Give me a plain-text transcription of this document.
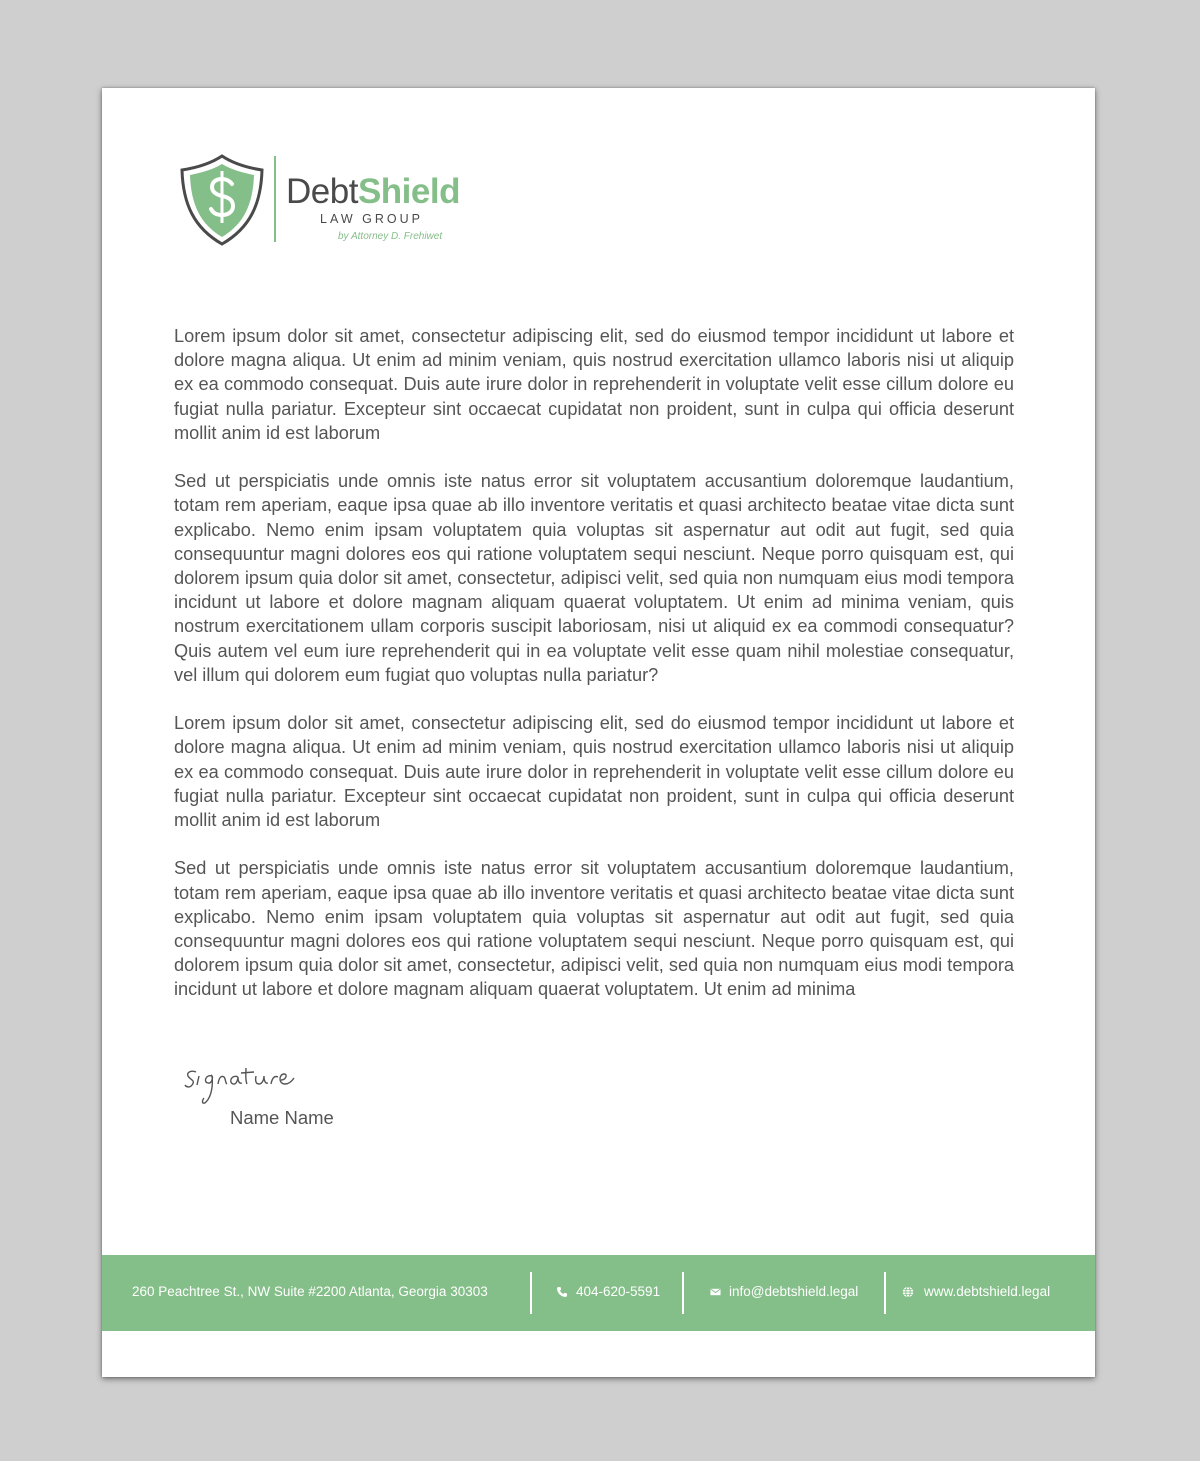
DebtShield
LAW GROUP
by Attorney D. Frehiwet

Lorem ipsum dolor sit amet, consectetur adipiscing elit, sed do eiusmod tempor incididunt ut labore et dolore magna aliqua. Ut enim ad minim veniam, quis nostrud exercitation ullamco laboris nisi ut aliquip ex ea commodo consequat. Duis aute irure dolor in reprehenderit in voluptate velit esse cillum dolore eu fugiat nulla pariatur. Excepteur sint occaecat cupidatat non proident, sunt in culpa qui officia deserunt mollit anim id est laborum

Sed ut perspiciatis unde omnis iste natus error sit voluptatem accusantium doloremque laudantium, totam rem aperiam, eaque ipsa quae ab illo inventore veritatis et quasi architecto beatae vitae dicta sunt explicabo. Nemo enim ipsam voluptatem quia voluptas sit aspernatur aut odit aut fugit, sed quia consequuntur magni dolores eos qui ratione voluptatem sequi nesciunt. Neque porro quisquam est, qui dolorem ipsum quia dolor sit amet, consectetur, adipisci velit, sed quia non numquam eius modi tempora incidunt ut labore et dolore magnam aliquam quaerat voluptatem. Ut enim ad minima veniam, quis nostrum exercitationem ullam corporis suscipit laboriosam, nisi ut aliquid ex ea commodi consequatur? Quis autem vel eum iure reprehenderit qui in ea voluptate velit esse quam nihil molestiae consequatur, vel illum qui dolorem eum fugiat quo voluptas nulla pariatur?

Lorem ipsum dolor sit amet, consectetur adipiscing elit, sed do eiusmod tempor incididunt ut labore et dolore magna aliqua. Ut enim ad minim veniam, quis nostrud exercitation ullamco laboris nisi ut aliquip ex ea commodo consequat. Duis aute irure dolor in reprehenderit in voluptate velit esse cillum dolore eu fugiat nulla pariatur. Excepteur sint occaecat cupidatat non proident, sunt in culpa qui officia deserunt mollit anim id est laborum

Sed ut perspiciatis unde omnis iste natus error sit voluptatem accusantium doloremque laudantium, totam rem aperiam, eaque ipsa quae ab illo inventore veritatis et quasi architecto beatae vitae dicta sunt explicabo. Nemo enim ipsam voluptatem quia voluptas sit aspernatur aut odit aut fugit, sed quia consequuntur magni dolores eos qui ratione voluptatem sequi nesciunt. Neque porro quisquam est, qui dolorem ipsum quia dolor sit amet, consectetur, adipisci velit, sed quia non numquam eius modi tempora incidunt ut labore et dolore magnam aliquam quaerat voluptatem. Ut enim ad minima

Name Name
260 Peachtree St., NW Suite #2200 Atlanta, Georgia 30303	404-620-5591	info@debtshield.legal	www.debtshield.legal
